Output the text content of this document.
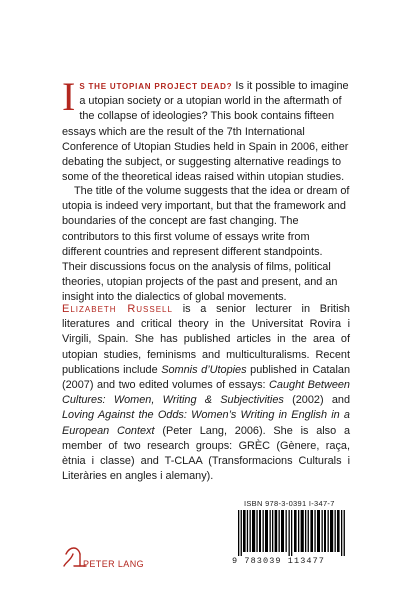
IS THE UTOPIAN PROJECT DEAD? Is it possible to imagine a utopian society or a utopian world in the aftermath of the collapse of ideologies? This book contains fifteen essays which are the result of the 7th International Conference of Utopian Studies held in Spain in 2006, either debating the subject, or suggesting alternative readings to some of the theoretical ideas raised within utopian studies.

The title of the volume suggests that the idea or dream of utopia is indeed very important, but that the framework and boundaries of the concept are fast changing. The contributors to this first volume of essays write from different countries and represent different standpoints. Their discussions focus on the analysis of films, political theories, utopian projects of the past and present, and an insight into the dialectics of global movements.

Elizabeth Russell is a senior lecturer in British literatures and critical theory in the Universitat Rovira i Virgili, Spain. She has published articles in the area of utopian studies, feminisms and multiculturalisms. Recent publications include Somnis d’Utopies published in Catalan (2007) and two edited volumes of essays: Caught Between Cultures: Women, Writing & Subjectivities (2002) and Loving Against the Odds: Women’s Writing in English in a European Context (Peter Lang, 2006). She is also a member of two research groups: GRÈC (Gènere, raça, ètnia i classe) and T-CLAA (Transformacions Culturals i Literàries en angles i alemany).

ISBN 978-3-0391 I-347-7
9 783039 113477
PETER LANG
